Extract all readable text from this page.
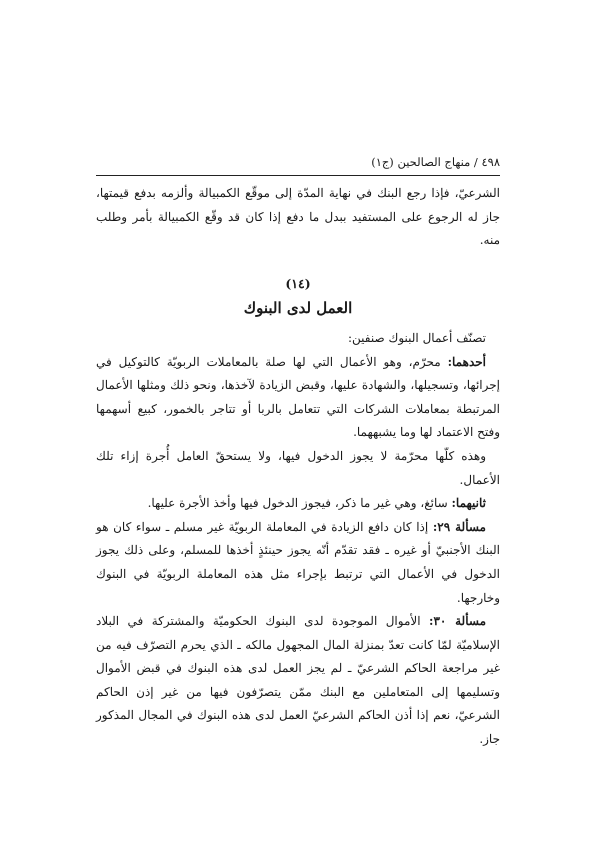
٤٩٨ / منهاج الصالحين (ج١)

الشرعيّ، فإذا رجع البنك في نهاية المدّة إلى موقّع الكمبيالة وألزمه بدفع قيمتها، جاز له الرجوع على المستفيد ببدل ما دفع إذا كان قد وقّع الكمبيالة بأمر وطلب منه.

(١٤)

العمل لدى البنوك

تصنّف أعمال البنوك صنفين:

أحدهما: محرّم، وهو الأعمال التي لها صلة بالمعاملات الربويّة كالتوكيل في إجرائها، وتسجيلها، والشهادة عليها، وقبض الزيادة لآخذها، ونحو ذلك ومثلها الأعمال المرتبطة بمعاملات الشركات التي تتعامل بالربا أو تتاجر بالخمور، كبيع أسهمها وفتح الاعتماد لها وما يشبههما.

وهذه كلّها محرّمة لا يجوز الدخول فيها، ولا يستحقّ العامل أُجرة إزاء تلك الأعمال.

ثانيهما: سائغ، وهي غير ما ذكر، فيجوز الدخول فيها وأخذ الأجرة عليها.

مسألة ٢٩: إذا كان دافع الزيادة في المعاملة الربويّة غير مسلم ـ سواء كان هو البنك الأجنبيّ أو غيره ـ فقد تقدّم أنّه يجوز حينئذٍ أخذها للمسلم، وعلى ذلك يجوز الدخول في الأعمال التي ترتبط بإجراء مثل هذه المعاملة الربويّة في البنوك وخارجها.

مسألة ٣٠: الأموال الموجودة لدى البنوك الحكوميّة والمشتركة في البلاد الإسلاميّة لمّا كانت تعدّ بمنزلة المال المجهول مالكه ـ الذي يحرم التصرّف فيه من غير مراجعة الحاكم الشرعيّ ـ لم يجز العمل لدى هذه البنوك في قبض الأموال وتسليمها إلى المتعاملين مع البنك ممّن يتصرّفون فيها من غير إذن الحاكم الشرعيّ، نعم إذا أذن الحاكم الشرعيّ العمل لدى هذه البنوك في المجال المذكور جاز.
